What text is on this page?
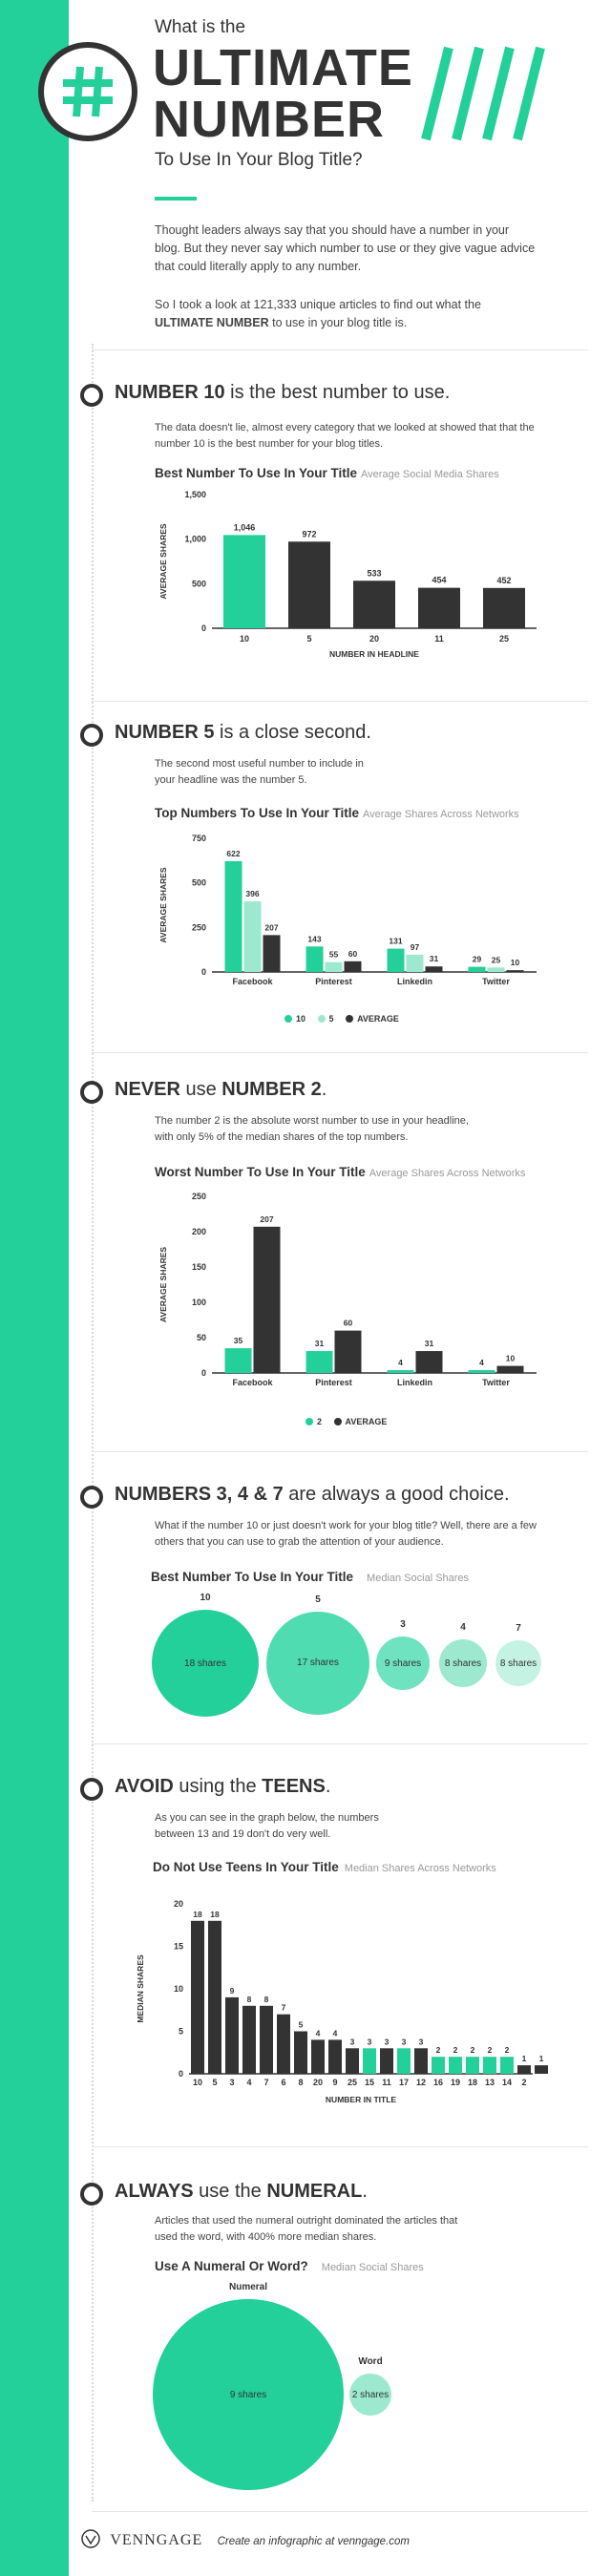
What is the
ULTIMATE
NUMBER
To Use In Your Blog Title?
Thought leaders always say that you should have a number in your blog. But they never say which number to use or they give vague advice that could literally apply to any number.
So I took a look at 121,333 unique articles to find out what the ULTIMATE NUMBER to use in your blog title is.
NUMBER 10 is the best number to use.
The data doesn't lie, almost every category that we looked at showed that that the number 10 is the best number for your blog titles.
Best Number To Use In Your Title Average Social Media Shares
0
500
1,000
1,500
AVERAGE SHARES
NUMBER IN HEADLINE
1,046
10
972
5
533
20
454
11
452
25
NUMBER 5 is a close second.
The second most useful number to include in your headline was the number 5.
Top Numbers To Use In Your Title Average Shares Across Networks
0
250
500
750
AVERAGE SHARES
622
396
207
Facebook
143
55 60
Pinterest
131
97
31
Linkedin
29 25 10
Twitter
10	5	AVERAGE
NEVER use NUMBER 2.
The number 2 is the absolute worst number to use in your headline, with only 5% of the median shares of the top numbers.
Worst Number To Use In Your Title Average Shares Across Networks
0
50
100
150
200
250
AVERAGE SHARES
35
207
Facebook
31
60
Pinterest
4
31
Linkedin
4	10
Twitter
2	AVERAGE
NUMBERS 3, 4 & 7 are always a good choice.
What if the number 10 or just doesn't work for your blog title? Well, there are a few others that you can use to grab the attention of your audience.
Best Number To Use In Your Title Median Social Shares
18 shares
10
17 shares
5
9 shares
3
8 shares
4
8 shares
7
AVOID using the TEENS.
As you can see in the graph below, the numbers between 13 and 19 don't do very well.
Do Not Use Teens In Your Title Median Shares Across Networks
0
5
10
15
20
MEDIAN SHARES
NUMBER IN TITLE
18
10
18
5
9
3
8
4
8
7
7
6
5
8
4
20
4
9
3
25
3
15
3
11
3
17
3
12
2
16
2
19
2
18
2
13
2
14
1
2
1
ALWAYS use the NUMERAL.
Articles that used the numeral outright dominated the articles that used the word, with 400% more median shares.
Use A Numeral Or Word? Median Social Shares
9 shares
Numeral
2 shares
Word
VENNGAGE Create an infographic at venngage.com
